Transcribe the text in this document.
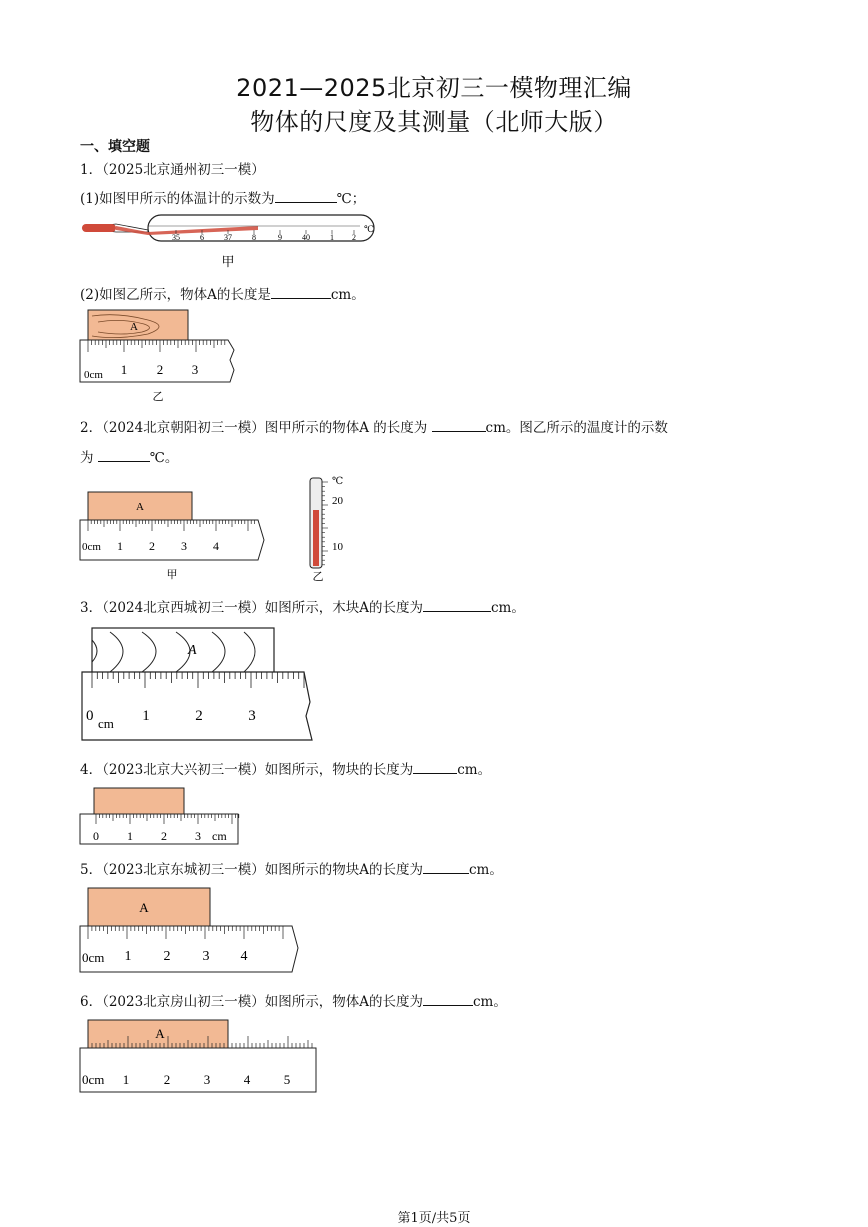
2021—2025北京初三一模物理汇编
物体的尺度及其测量（北师大版）
一、填空题
1．（2025北京通州初三一模）
(1)如图甲所示的体温计的示数为	℃；
35	6	37	8	9	40	1 2
℃
甲
(2)如图乙所示，物体A的长度是	cm。
A
0cm 1 2 3
乙
2．（2024北京朝阳初三一模）图甲所示的物体A 的长度为	cm。图乙所示的温度计的示数
为	℃。
A
0cm 1 2 3 4
甲
℃
20
10
乙
3．（2024北京西城初三一模）如图所示，木块A的长度为	cm。
A
0 cm 1	2	3
4．（2023北京大兴初三一模）如图所示，物块的长度为	cm。
0 1 2 3 cm
5．（2023北京东城初三一模）如图所示的物块A的长度为	cm。
A
0cm 1 2 3 4
6．（2023北京房山初三一模）如图所示，物体A的长度为	cm。
A
0cm 1	2	3	4	5
第1页/共5页
